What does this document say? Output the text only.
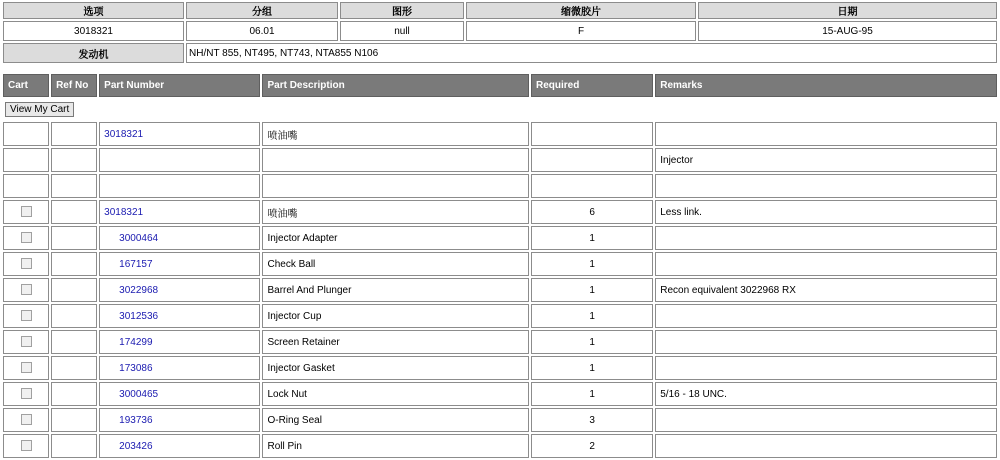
选项	分组	图形	缩微胶片	日期
3018321	06.01	null	F	15-AUG-95
发动机	NH/NT 855, NT495, NT743, NTA855 N106			
Cart	Ref No	Part Number	Part Description	Required	Remarks
View My Cart					
		3018321	喷油嘴		
					Injector

		3018321	喷油嘴	6	Less link.
		3000464	Injector Adapter	1	
		167157	Check Ball	1	
		3022968	Barrel And Plunger	1	Recon equivalent 3022968 RX
		3012536	Injector Cup	1	
		174299	Screen Retainer	1	
		173086	Injector Gasket	1	
		3000465	Lock Nut	1	5/16 - 18 UNC.
		193736	O-Ring Seal	3	
		203426	Roll Pin	2	
